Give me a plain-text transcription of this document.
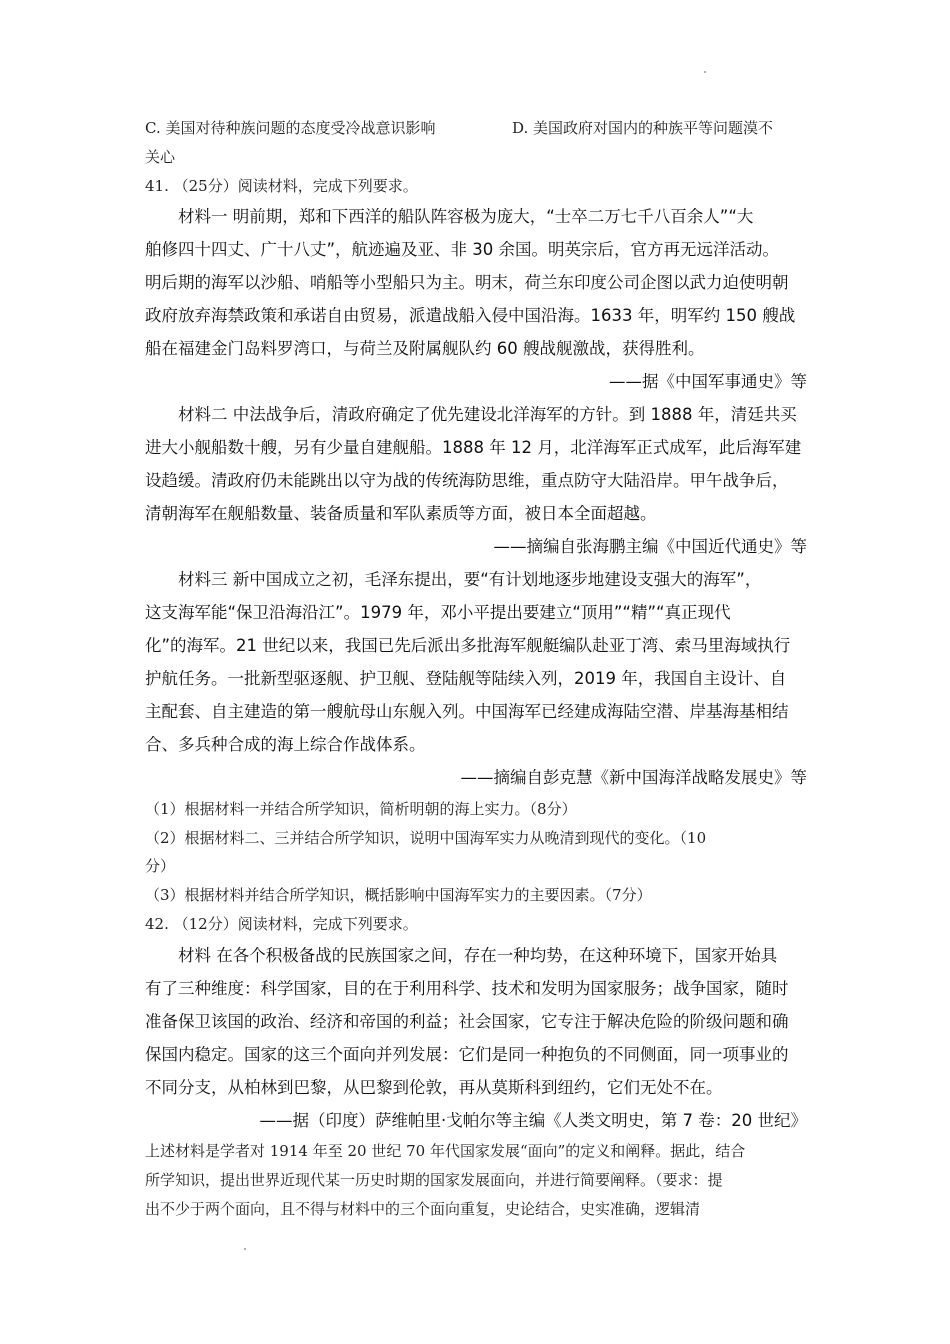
C. 美国对待种族问题的态度受冷战意识影响	D. 美国政府对国内的种族平等问题漠不
关心
41. （25分）阅读材料，完成下列要求。
材料一 明前期，郑和下西洋的船队阵容极为庞大，“士卒二万七千八百余人”“大
舶修四十四丈、广十八丈”，航迹遍及亚、非 30 余国。明英宗后，官方再无远洋活动。
明后期的海军以沙船、哨船等小型船只为主。明末，荷兰东印度公司企图以武力迫使明朝
政府放弃海禁政策和承诺自由贸易，派遣战船入侵中国沿海。1633 年，明军约 150 艘战
船在福建金门岛料罗湾口，与荷兰及附属舰队约 60 艘战舰激战，获得胜利。
——据《中国军事通史》等
材料二 中法战争后，清政府确定了优先建设北洋海军的方针。到 1888 年，清廷共买
进大小舰船数十艘，另有少量自建舰船。1888 年 12 月，北洋海军正式成军，此后海军建
设趋缓。清政府仍未能跳出以守为战的传统海防思维，重点防守大陆沿岸。甲午战争后，
清朝海军在舰船数量、装备质量和军队素质等方面，被日本全面超越。
——摘编自张海鹏主编《中国近代通史》等
材料三 新中国成立之初，毛泽东提出，要“有计划地逐步地建设支强大的海军”，
这支海军能“保卫沿海沿江”。1979 年，邓小平提出要建立“顶用”“精”“真正现代
化”的海军。21 世纪以来，我国已先后派出多批海军舰艇编队赴亚丁湾、索马里海域执行
护航任务。一批新型驱逐舰、护卫舰、登陆舰等陆续入列，2019 年，我国自主设计、自
主配套、自主建造的第一艘航母山东舰入列。中国海军已经建成海陆空潜、岸基海基相结
合、多兵种合成的海上综合作战体系。
——摘编自彭克慧《新中国海洋战略发展史》等
（1）根据材料一并结合所学知识，简析明朝的海上实力。（8分）
（2）根据材料二、三并结合所学知识，说明中国海军实力从晚清到现代的变化。（10
分）
（3）根据材料并结合所学知识，概括影响中国海军实力的主要因素。（7分）
42. （12分）阅读材料，完成下列要求。
材料 在各个积极备战的民族国家之间，存在一种均势，在这种环境下，国家开始具
有了三种维度：科学国家，目的在于利用科学、技术和发明为国家服务；战争国家，随时
准备保卫该国的政治、经济和帝国的利益；社会国家，它专注于解决危险的阶级问题和确
保国内稳定。国家的这三个面向并列发展：它们是同一种抱负的不同侧面，同一项事业的
不同分支，从柏林到巴黎，从巴黎到伦敦，再从莫斯科到纽约，它们无处不在。
——据（印度）萨维帕里·戈帕尔等主编《人类文明史，第 7 卷：20 世纪》
上述材料是学者对 1914 年至 20 世纪 70 年代国家发展“面向”的定义和阐释。据此，结合
所学知识，提出世界近现代某一历史时期的国家发展面向，并进行简要阐释。（要求：提
出不少于两个面向，且不得与材料中的三个面向重复，史论结合，史实准确，逻辑清
